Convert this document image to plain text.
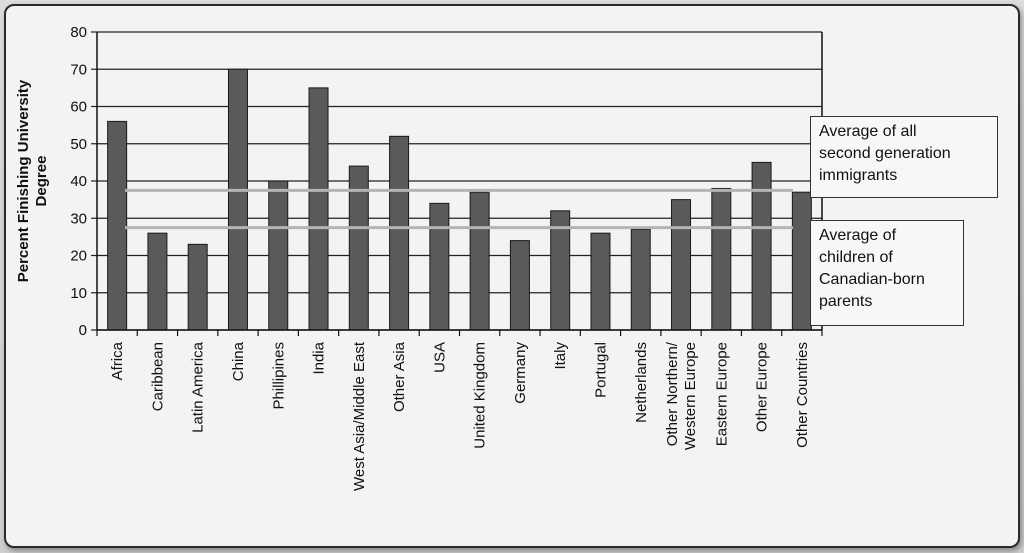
0
10
20
30
40
50
60
70
80
Africa Caribbean Latin America China Phillipines India West Asia/Middle East Other Asia USA United Kingdom Germany Italy Portugal Netherlands Other Northern/ Western Europe Eastern Europe Other Europe Other Countries
Percent Finishing UniversityDegree
Average of all
second generation
immigrants
Average of
children of
Canadian-born
parents
